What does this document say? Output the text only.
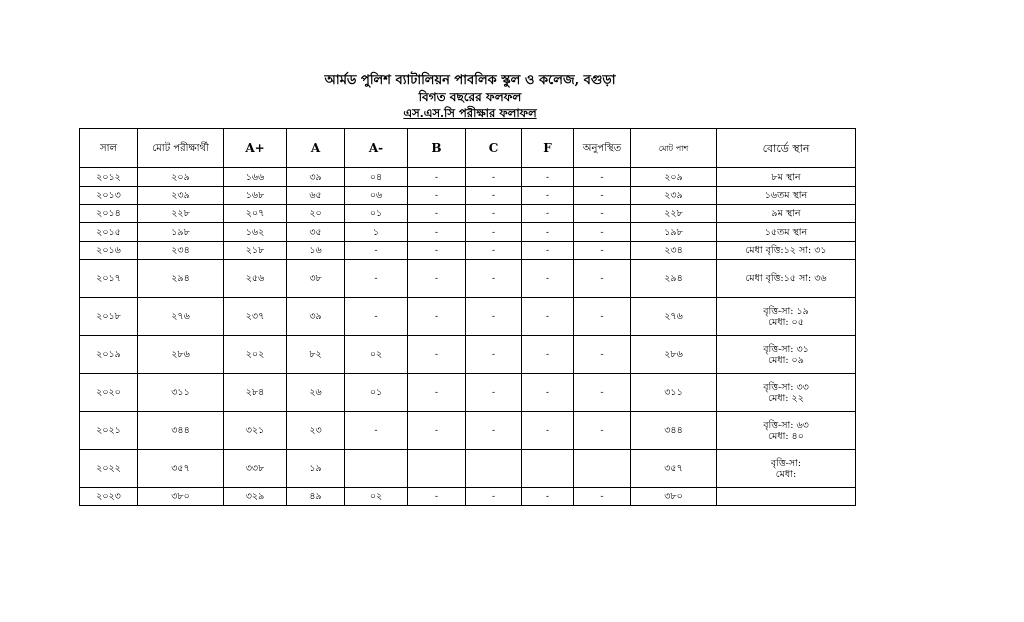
আর্মড পুলিশ ব্যাটালিয়ন পাবলিক স্কুল ও কলেজ, বগুড়া
বিগত বছরের ফলফল
এস.এস.সি পরীক্ষার ফলাফল
সাল	মোট পরীক্ষার্থী	A+	A	A-	B	C	F	অনুপস্থিত	মোট পাশ	বোর্ডে স্থান
২০১২	২০৯	১৬৬	৩৯	০৪	-	-	-	-	২০৯	৮ম স্থান

২০১৩	২৩৯	১৬৮	৬৫	০৬	-	-	-	-	২৩৯	১৬তম স্থান

২০১৪	২২৮	২০৭	২০	০১	-	-	-	-	২২৮	৯ম স্থান

২০১৫	১৯৮	১৬২	৩৫	১	-	-	-	-	১৯৮	১৫তম স্থান

২০১৬	২৩৪	২১৮	১৬	-	-	-	-	-	২৩৪	মেধা বৃত্তি:১২ সা: ৩১

২০১৭	২৯৪	২৫৬	৩৮	-	-	-	-	-	২৯৪	মেধা বৃত্তি:১৫ সা: ৩৬

২০১৮	২৭৬	২৩৭	৩৯	-	-	-	-	-	২৭৬	বৃত্তি-সা: ১৯
মেধা: ০৫

২০১৯	২৮৬	২০২	৮২	০২	-	-	-	-	২৮৬	বৃত্তি-সা: ৩১
মেধা: ০৯

২০২০	৩১১	২৮৪	২৬	০১	-	-	-	-	৩১১	বৃত্তি-সা: ৩৩
মেধা: ২২

২০২১	৩৪৪	৩২১	২৩	-	-	-	-	-	৩৪৪	বৃত্তি-সা: ৬৩
মেধা: ৪০

২০২২	৩৫৭	৩৩৮	১৯						৩৫৭	বৃত্তি-সা:
মেধা:

২০২৩	৩৮০	৩২৯	৪৯	০২	-	-	-	-	৩৮০	
